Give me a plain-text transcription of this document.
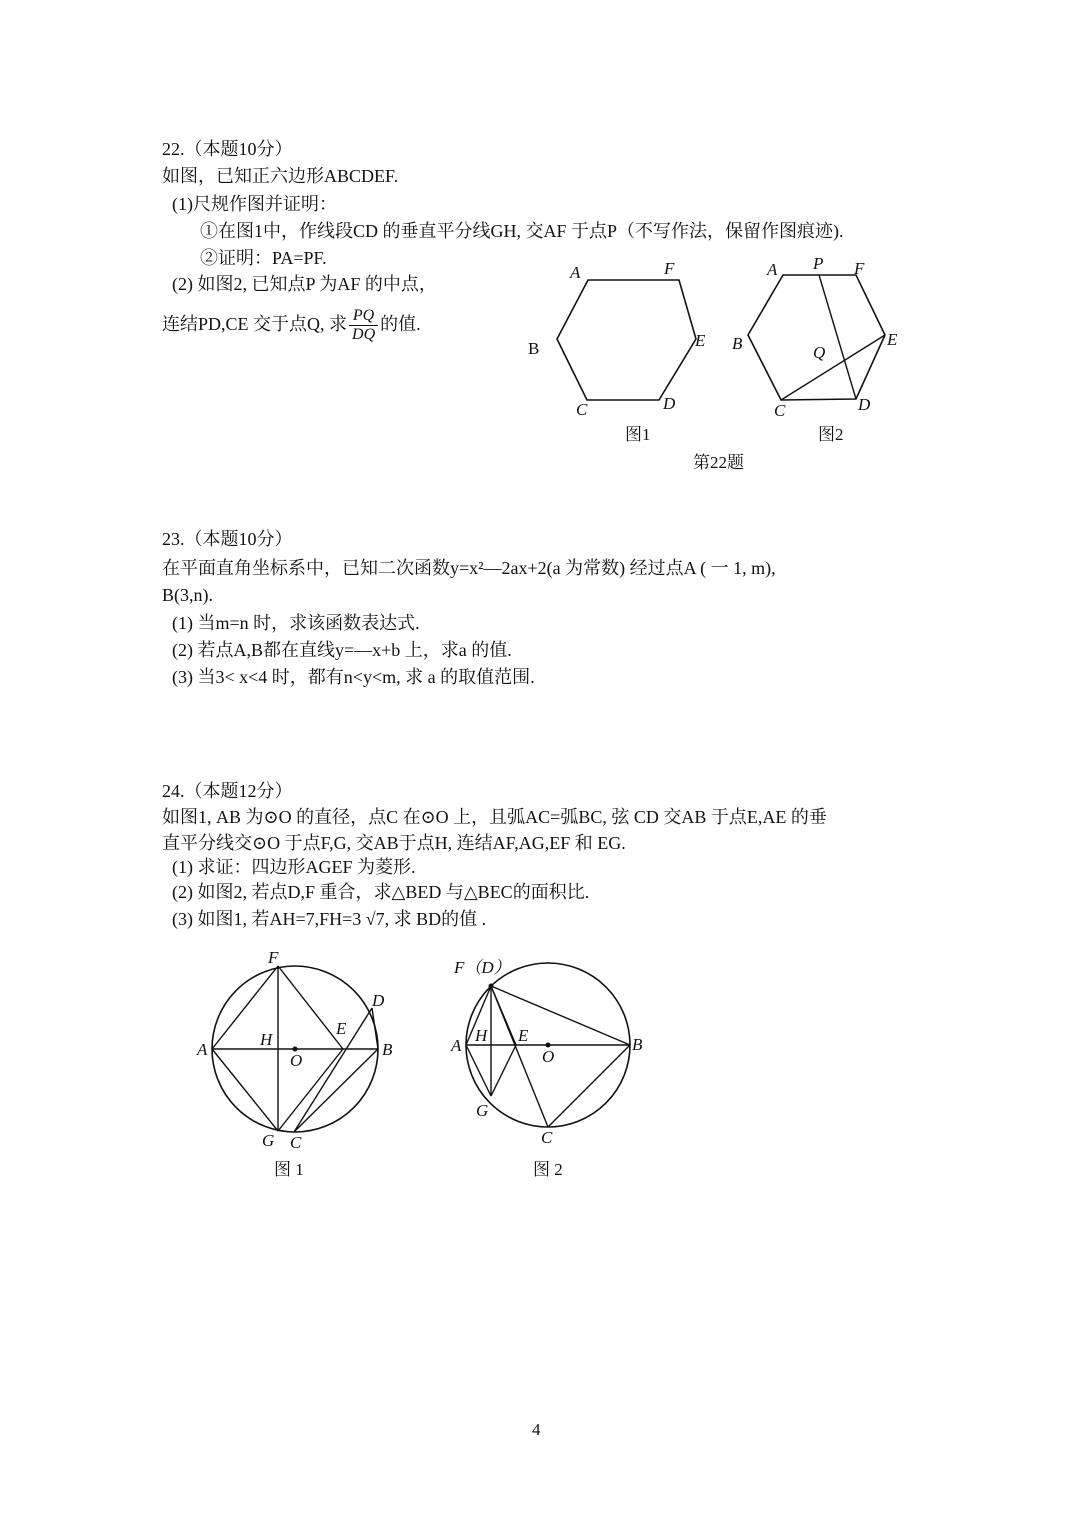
22.（本题10分）
如图，已知正六边形ABCDEF.
(1)尺规作图并证明：
①在图1中，作线段CD 的垂直平分线GH, 交AF 于点P（不写作法，保留作图痕迹).
②证明：PA=PF.
(2) 如图2, 已知点P 为AF 的中点，
连结PD,CE 交于点Q, 求 $\frac{PQ}{DQ}$ 的值.
A	F
B	E
C	D
图1
A P F
B	E
Q
C	D
图2
第22题
23.（本题10分）
在平面直角坐标系中，已知二次函数y=x²—2ax+2(a 为常数) 经过点A ( 一 1, m),
B(3,n).
(1) 当m=n 时，求该函数表达式.
(2) 若点A,B都在直线y=—x+b 上，求a 的值.
(3) 当3< x<4 时，都有n<y<m, 求 a 的取值范围.
24.（本题12分）
如图1, AB 为⊙O 的直径，点C 在⊙O 上，且弧AC=弧BC, 弦 CD 交AB 于点E,AE 的垂
直平分线交⊙O 于点F,G, 交AB于点H, 连结AF,AG,EF 和 EG.
(1) 求证：四边形AGEF 为菱形.
(2) 如图2, 若点D,F 重合，求△BED 与△BEC的面积比.
(3) 如图1, 若AH=7,FH=3 √7, 求 BD的值 .
F
D
A
H
O
E
B
G C
图 1
F（D）
A
H E
O
B
G
C
图 2
4
